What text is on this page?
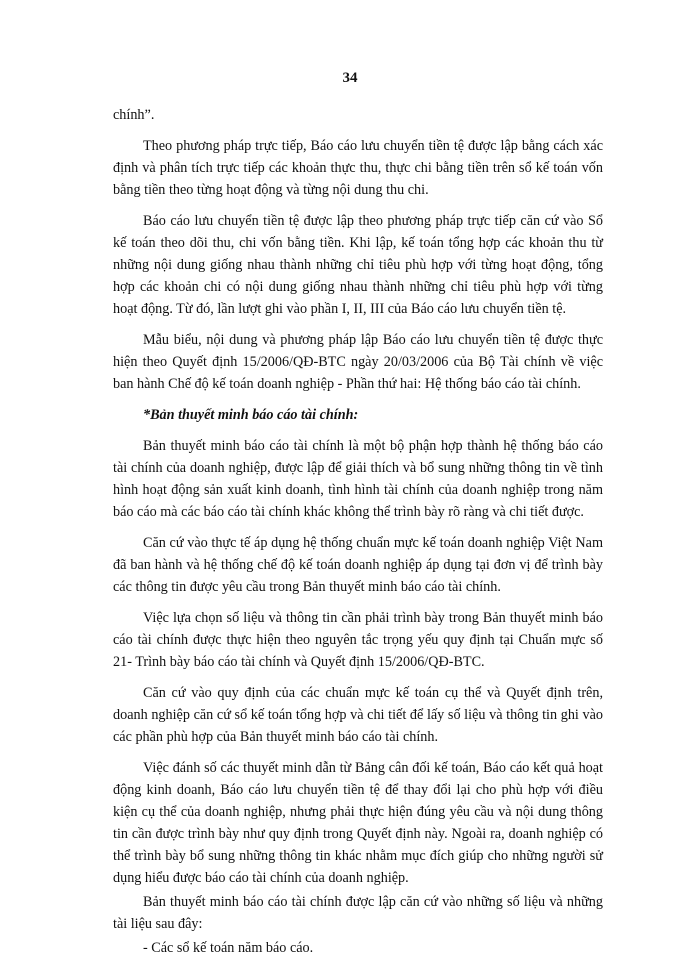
34

chính”.

Theo phương pháp trực tiếp, Báo cáo lưu chuyển tiền tệ được lập bằng cách xác định và phân tích trực tiếp các khoản thực thu, thực chi bằng tiền trên sổ kế toán vốn bằng tiền theo từng hoạt động và từng nội dung thu chi.

Báo cáo lưu chuyển tiền tệ được lập theo phương pháp trực tiếp căn cứ vào Sổ kế toán theo dõi thu, chi vốn bằng tiền. Khi lập, kế toán tổng hợp các khoản thu từ những nội dung giống nhau thành những chỉ tiêu phù hợp với từng hoạt động, tổng hợp các khoản chi có nội dung giống nhau thành những chỉ tiêu phù hợp với từng hoạt động. Từ đó, lần lượt ghi vào phần I, II, III của Báo cáo lưu chuyển tiền tệ.

Mẫu biểu, nội dung và phương pháp lập Báo cáo lưu chuyển tiền tệ được thực hiện theo Quyết định 15/2006/QĐ-BTC ngày 20/03/2006 của Bộ Tài chính về việc ban hành Chế độ kế toán doanh nghiệp - Phần thứ hai: Hệ thống báo cáo tài chính.

*Bản thuyết minh báo cáo tài chính:

Bản thuyết minh báo cáo tài chính là một bộ phận hợp thành hệ thống báo cáo tài chính của doanh nghiệp, được lập để giải thích và bổ sung những thông tin về tình hình hoạt động sản xuất kinh doanh, tình hình tài chính của doanh nghiệp trong năm báo cáo mà các báo cáo tài chính khác không thể trình bày rõ ràng và chi tiết được.

Căn cứ vào thực tế áp dụng hệ thống chuẩn mực kế toán doanh nghiệp Việt Nam đã ban hành và hệ thống chế độ kế toán doanh nghiệp áp dụng tại đơn vị để trình bày các thông tin được yêu cầu trong Bản thuyết minh báo cáo tài chính.

Việc lựa chọn số liệu và thông tin cần phải trình bày trong Bản thuyết minh báo cáo tài chính được thực hiện theo nguyên tắc trọng yếu quy định tại Chuẩn mực số 21- Trình bày báo cáo tài chính và Quyết định 15/2006/QĐ-BTC.

Căn cứ vào quy định của các chuẩn mực kế toán cụ thể và Quyết định trên, doanh nghiệp căn cứ sổ kế toán tổng hợp và chi tiết để lấy số liệu và thông tin ghi vào các phần phù hợp của Bản thuyết minh báo cáo tài chính.

Việc đánh số các thuyết minh dẫn từ Bảng cân đối kế toán, Báo cáo kết quả hoạt động kinh doanh, Báo cáo lưu chuyển tiền tệ để thay đổi lại cho phù hợp với điều kiện cụ thể của doanh nghiệp, nhưng phải thực hiện đúng yêu cầu và nội dung thông tin cần được trình bày như quy định trong Quyết định này. Ngoài ra, doanh nghiệp có thể trình bày bổ sung những thông tin khác nhằm mục đích giúp cho những người sử dụng hiểu được báo cáo tài chính của doanh nghiệp.

Bản thuyết minh báo cáo tài chính được lập căn cứ vào những số liệu và những tài liệu sau đây:

- Các sổ kế toán năm báo cáo.
